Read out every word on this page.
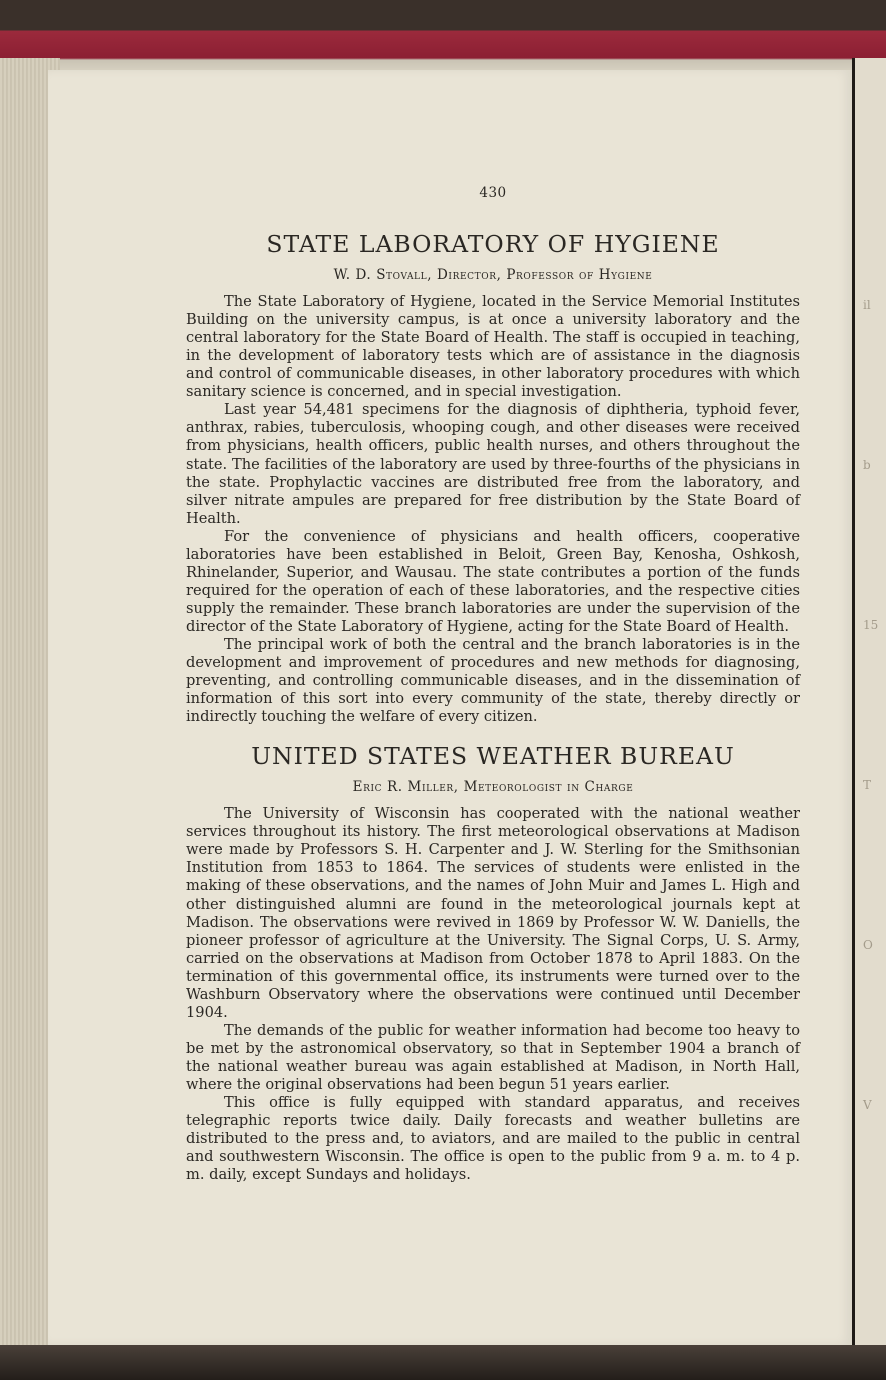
il
b
15
T
O
V
430
STATE LABORATORY OF HYGIENE
W. D. Stovall, Director, Professor of Hygiene

The State Laboratory of Hygiene, located in the Service Memorial Institutes Building on the university campus, is at once a university laboratory and the central laboratory for the State Board of Health. The staff is occupied in teaching, in the development of laboratory tests which are of assistance in the diagnosis and control of communicable diseases, in other laboratory procedures with which sanitary science is concerned, and in special investigation.

Last year 54,481 specimens for the diagnosis of diphtheria, typhoid fever, anthrax, rabies, tuberculosis, whooping cough, and other diseases were received from physicians, health officers, public health nurses, and others throughout the state. The facilities of the laboratory are used by three-fourths of the physicians in the state. Prophylactic vaccines are distributed free from the laboratory, and silver nitrate ampules are prepared for free distribution by the State Board of Health.

For the convenience of physicians and health officers, cooperative laboratories have been established in Beloit, Green Bay, Kenosha, Oshkosh, Rhinelander, Superior, and Wausau. The state contributes a portion of the funds required for the operation of each of these laboratories, and the respective cities supply the remainder. These branch laboratories are under the supervision of the director of the State Laboratory of Hygiene, acting for the State Board of Health.

The principal work of both the central and the branch laboratories is in the development and improvement of procedures and new methods for diagnosing, preventing, and controlling communicable diseases, and in the dissemination of information of this sort into every community of the state, thereby directly or indirectly touching the welfare of every citizen.

UNITED STATES WEATHER BUREAU
Eric R. Miller, Meteorologist in Charge

The University of Wisconsin has cooperated with the national weather services throughout its history. The first meteorological observations at Madison were made by Professors S. H. Carpenter and J. W. Sterling for the Smithsonian Institution from 1853 to 1864. The services of students were enlisted in the making of these observations, and the names of John Muir and James L. High and other distinguished alumni are found in the meteorological journals kept at Madison. The observations were revived in 1869 by Professor W. W. Daniells, the pioneer professor of agriculture at the University. The Signal Corps, U. S. Army, carried on the observations at Madison from October 1878 to April 1883. On the termination of this governmental office, its instruments were turned over to the Washburn Observatory where the observations were continued until December 1904.

The demands of the public for weather information had become too heavy to be met by the astronomical observatory, so that in September 1904 a branch of the national weather bureau was again established at Madison, in North Hall, where the original observations had been begun 51 years earlier.

This office is fully equipped with standard apparatus, and receives telegraphic reports twice daily. Daily forecasts and weather bulletins are distributed to the press and, to aviators, and are mailed to the public in central and southwestern Wisconsin. The office is open to the public from 9 a. m. to 4 p. m. daily, except Sundays and holidays.
